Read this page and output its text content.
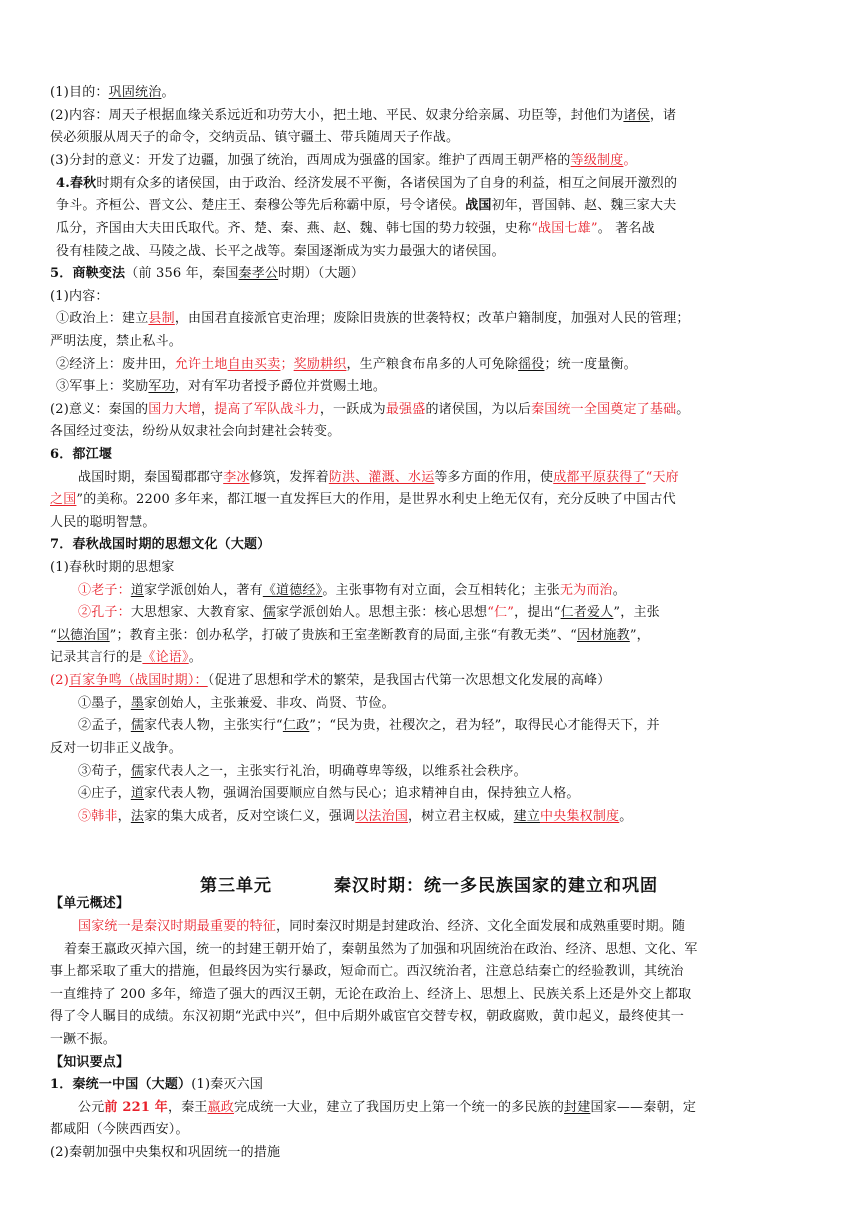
第三单元	秦汉时期：统一多民族国家的建立和巩固
(1)目的：巩固统治。
(2)内容：周天子根据血缘关系远近和功劳大小，把土地、平民、奴隶分给亲属、功臣等，封他们为诸侯，诸
侯必须服从周天子的命令，交纳贡品、镇守疆土、带兵随周天子作战。
(3)分封的意义：开发了边疆，加强了统治，西周成为强盛的国家。维护了西周王朝严格的等级制度。
4.春秋时期有众多的诸侯国，由于政治、经济发展不平衡，各诸侯国为了自身的利益，相互之间展开激烈的
争斗。齐桓公、晋文公、楚庄王、秦穆公等先后称霸中原，号令诸侯。战国初年，晋国韩、赵、魏三家大夫
瓜分，齐国由大夫田氏取代。齐、楚、秦、燕、赵、魏、韩七国的势力较强，史称“战国七雄”。 著名战
役有桂陵之战、马陵之战、长平之战等。秦国逐渐成为实力最强大的诸侯国。
5．商鞅变法（前 356 年，秦国秦孝公时期）（大题）
(1)内容：
①政治上：建立县制，由国君直接派官吏治理；废除旧贵族的世袭特权；改革户籍制度，加强对人民的管理；
严明法度，禁止私斗。
②经济上：废井田，允许土地自由买卖；奖励耕织，生产粮食布帛多的人可免除徭役；统一度量衡。
③军事上：奖励军功，对有军功者授予爵位并赏赐土地。
(2)意义：秦国的国力大增，提高了军队战斗力，一跃成为最强盛的诸侯国，为以后秦国统一全国奠定了基础。
各国经过变法，纷纷从奴隶社会向封建社会转变。
6．都江堰
战国时期，秦国蜀郡郡守李冰修筑，发挥着防洪、灌溉、水运等多方面的作用，使成都平原获得了“天府
之国”的美称。2200 多年来，都江堰一直发挥巨大的作用，是世界水利史上绝无仅有，充分反映了中国古代
人民的聪明智慧。
7．春秋战国时期的思想文化（大题）
(1)春秋时期的思想家
①老子：道家学派创始人，著有《道德经》。主张事物有对立面，会互相转化；主张无为而治。
②孔子：大思想家、大教育家、儒家学派创始人。思想主张：核心思想“仁”，提出“仁者爱人”，主张
“以德治国”；教育主张：创办私学，打破了贵族和王室垄断教育的局面,主张“有教无类”、“因材施教”，
记录其言行的是《论语》。
(2)百家争鸣（战国时期）：（促进了思想和学术的繁荣，是我国古代第一次思想文化发展的高峰）
①墨子，墨家创始人，主张兼爱、非攻、尚贤、节俭。
②孟子，儒家代表人物，主张实行“仁政”；“民为贵，社稷次之，君为轻”，取得民心才能得天下，并
反对一切非正义战争。
③荀子，儒家代表人之一，主张实行礼治，明确尊卑等级，以维系社会秩序。
④庄子，道家代表人物，强调治国要顺应自然与民心；追求精神自由，保持独立人格。
⑤韩非，法家的集大成者，反对空谈仁义，强调以法治国，树立君主权威，建立中央集权制度。
【单元概述】
国家统一是秦汉时期最重要的特征，同时秦汉时期是封建政治、经济、文化全面发展和成熟重要时期。随
着秦王嬴政灭掉六国，统一的封建王朝开始了，秦朝虽然为了加强和巩固统治在政治、经济、思想、文化、军
事上都采取了重大的措施，但最终因为实行暴政，短命而亡。西汉统治者，注意总结秦亡的经验教训，其统治
一直维持了 200 多年，缔造了强大的西汉王朝，无论在政治上、经济上、思想上、民族关系上还是外交上都取
得了令人瞩目的成绩。东汉初期“光武中兴”，但中后期外戚宦官交替专权，朝政腐败，黄巾起义，最终使其一
一蹶不振。
【知识要点】
1．秦统一中国（大题）(1)秦灭六国
公元前 221 年，秦王嬴政完成统一大业，建立了我国历史上第一个统一的多民族的封建国家——秦朝，定
都咸阳（今陕西西安）。
(2)秦朝加强中央集权和巩固统一的措施
